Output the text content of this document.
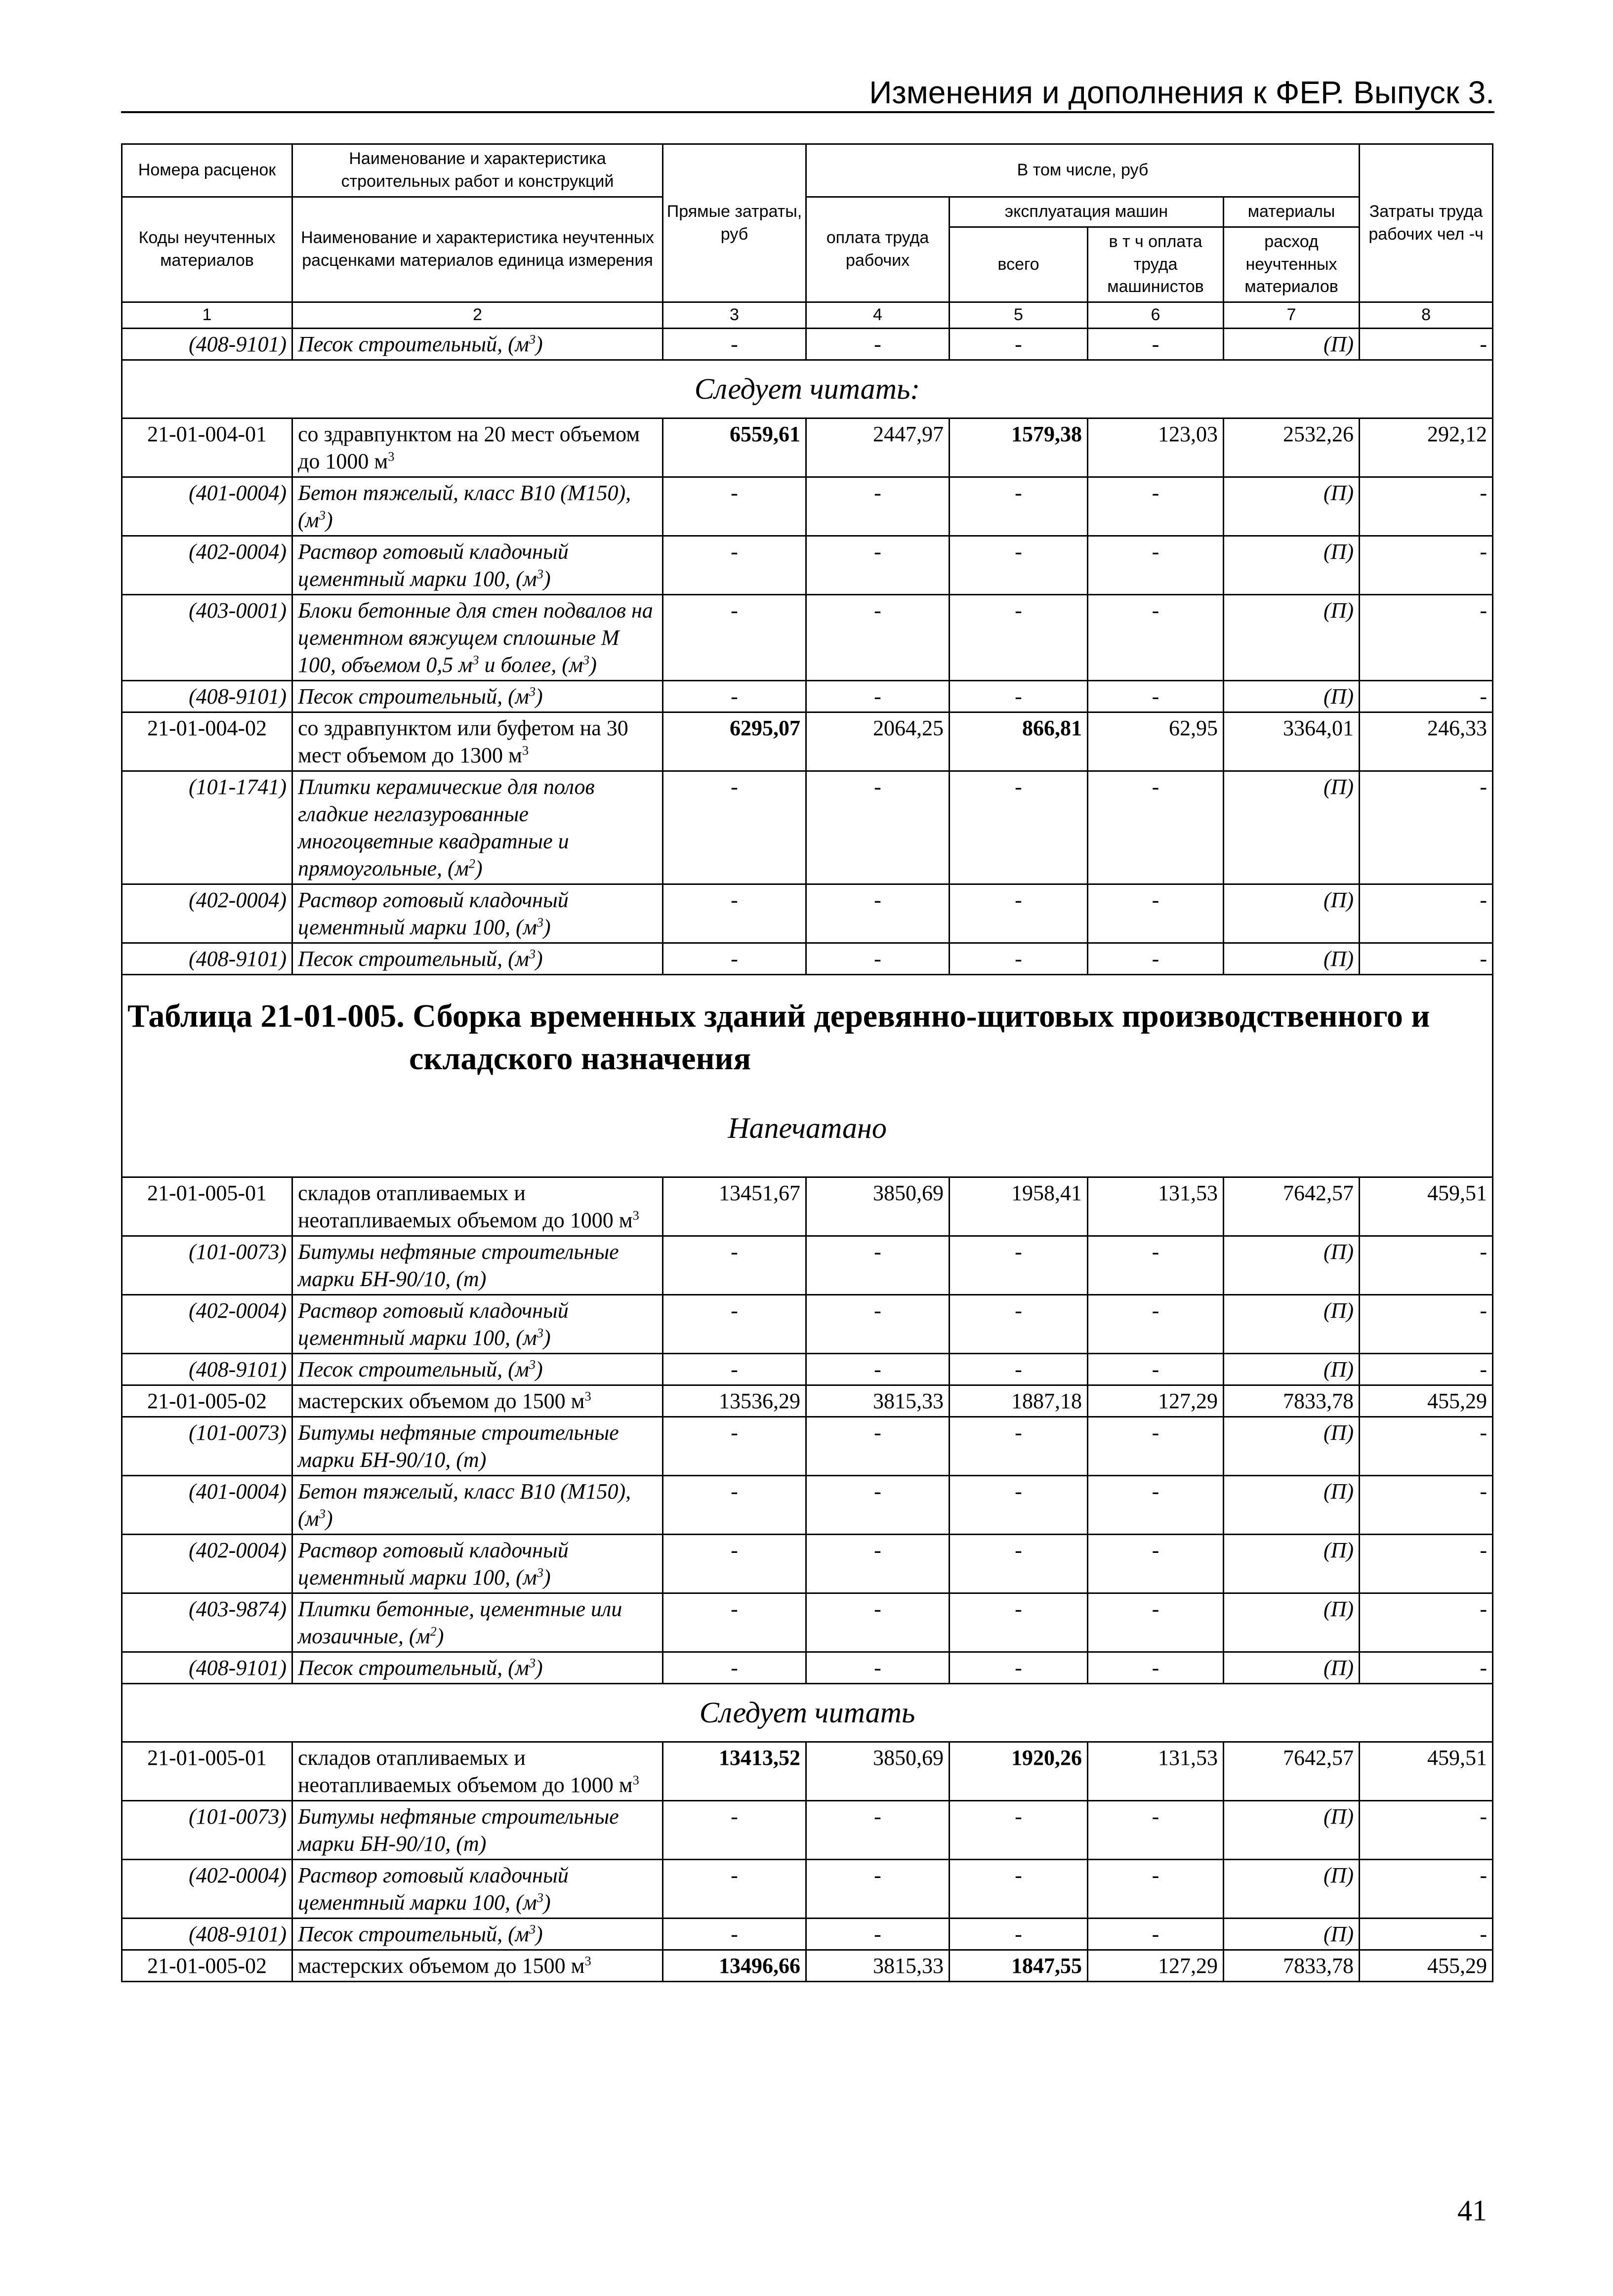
Изменения и дополнения к ФЕР. Выпуск 3.
Номера расценок	Наименование и характеристика строительных работ и конструкций	Прямые затраты, руб	В том числе, руб				Затраты труда рабочих чел -ч
Коды неучтенных материалов	Наименование и характеристика неучтенных расценками материалов единица измерения		оплата труда рабочих	эксплуатация машин		материалы	
				всего	в т ч оплата труда машинистов	расход неучтенных материалов	
1	2	3	4	5	6	7	8
(408-9101)	Песок строительный, $(м^3)$	-	-	-	-	(П)	-
Следует читать:							
21-01-004-01	со здравпунктом на 20 мест объемом до 1000 $м^3$	6559,61	2447,97	1579,38	123,03	2532,26	292,12
(401-0004)	Бетон тяжелый, класс В10 (М150), $(м^3)$	-	-	-	-	(П)	-
(402-0004)	Раствор готовый кладочный цементный марки 100, $(м^3)$	-	-	-	-	(П)	-
(403-0001)	Блоки бетонные для стен подвалов на цементном вяжущем сплошные М 100, объемом 0,5 $м^3$ и более, $(м^3)$	-	-	-	-	(П)	-
(408-9101)	Песок строительный, $(м^3)$	-	-	-	-	(П)	-
21-01-004-02	со здравпунктом или буфетом на 30 мест объемом до 1300 $м^3$	6295,07	2064,25	866,81	62,95	3364,01	246,33
(101-1741)	Плитки керамические для полов гладкие неглазурованные многоцветные квадратные и прямоугольные, $(м^2)$	-	-	-	-	(П)	-
(402-0004)	Раствор готовый кладочный цементный марки 100, $(м^3)$	-	-	-	-	(П)	-
(408-9101)	Песок строительный, $(м^3)$	-	-	-	-	(П)	-
Таблица 21-01-005. Сборка временных зданий деревянно-щитовых производственного и
складского назначения
Напечатано							

21-01-005-01	складов отапливаемых и неотапливаемых объемом до 1000 $м^3$	13451,67	3850,69	1958,41	131,53	7642,57	459,51
(101-0073)	Битумы нефтяные строительные марки БН-90/10, (т)	-	-	-	-	(П)	-
(402-0004)	Раствор готовый кладочный цементный марки 100, $(м^3)$	-	-	-	-	(П)	-
(408-9101)	Песок строительный, $(м^3)$	-	-	-	-	(П)	-
21-01-005-02	мастерских объемом до 1500 $м^3$	13536,29	3815,33	1887,18	127,29	7833,78	455,29
(101-0073)	Битумы нефтяные строительные марки БН-90/10, (т)	-	-	-	-	(П)	-
(401-0004)	Бетон тяжелый, класс В10 (М150), $(м^3)$	-	-	-	-	(П)	-
(402-0004)	Раствор готовый кладочный цементный марки 100, $(м^3)$	-	-	-	-	(П)	-
(403-9874)	Плитки бетонные, цементные или мозаичные, $(м^2)$	-	-	-	-	(П)	-
(408-9101)	Песок строительный, $(м^3)$	-	-	-	-	(П)	-
Следует читать							
21-01-005-01	складов отапливаемых и неотапливаемых объемом до 1000 $м^3$	13413,52	3850,69	1920,26	131,53	7642,57	459,51
(101-0073)	Битумы нефтяные строительные марки БН-90/10, (т)	-	-	-	-	(П)	-
(402-0004)	Раствор готовый кладочный цементный марки 100, $(м^3)$	-	-	-	-	(П)	-
(408-9101)	Песок строительный, $(м^3)$	-	-	-	-	(П)	-
21-01-005-02	мастерских объемом до 1500 $м^3$	13496,66	3815,33	1847,55	127,29	7833,78	455,29
41
